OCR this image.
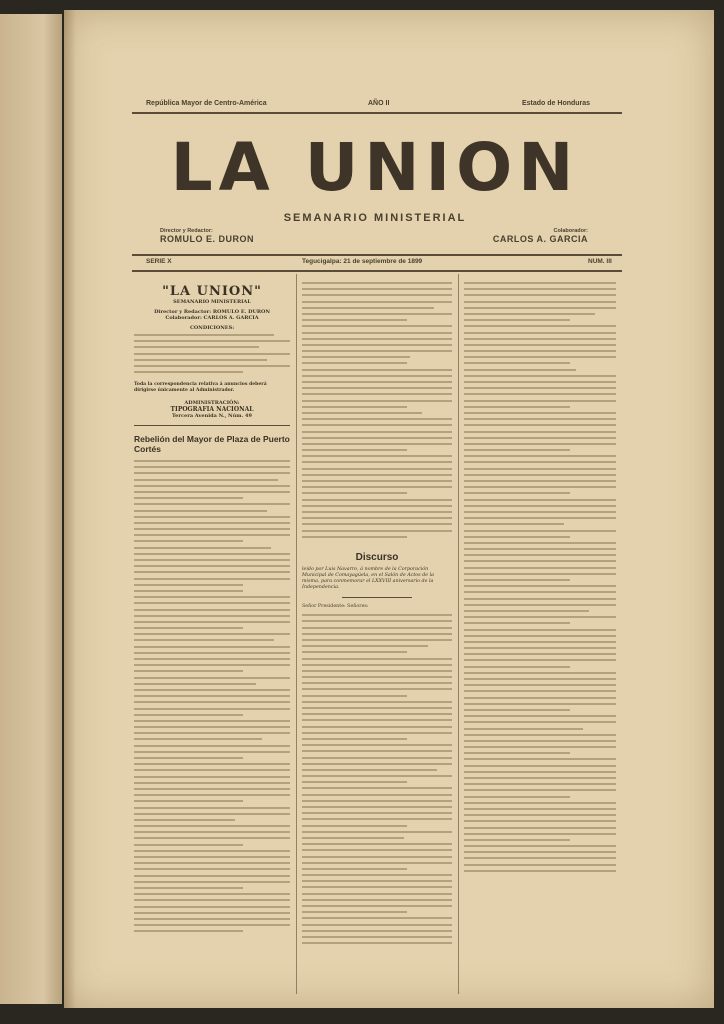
República Mayor de Centro-América	AÑO II	Estado de Honduras
LA UNION
SEMANARIO MINISTERIAL
Director y Redactor:
ROMULO E. DURON
Colaborador:
CARLOS A. GARCIA
SERIE X	Tegucigalpa: 21 de septiembre de 1899	NUM. III
"LA UNION"
SEMANARIO MINISTERIAL
Director y Redactor: ROMULO E. DURON
Colaborador: CARLOS A. GARCIA
CONDICIONES:
Toda la correspondencia relativa á anuncios deberá dirigirse únicamente al Administrador.
ADMINISTRACIÓN:
TIPOGRAFIA NACIONAL
Tercera Avenida N., Núm. 49
Rebelión del Mayor de Plaza de Puerto Cortés
Discurso
leído por Luis Navarro, á nombre de la Corporación Municipal de Comayagüela, en el Salón de Actos de la misma, para conmemorar el LXXVIII aniversario de la Independencia.
Señor Presidente: Señores:
